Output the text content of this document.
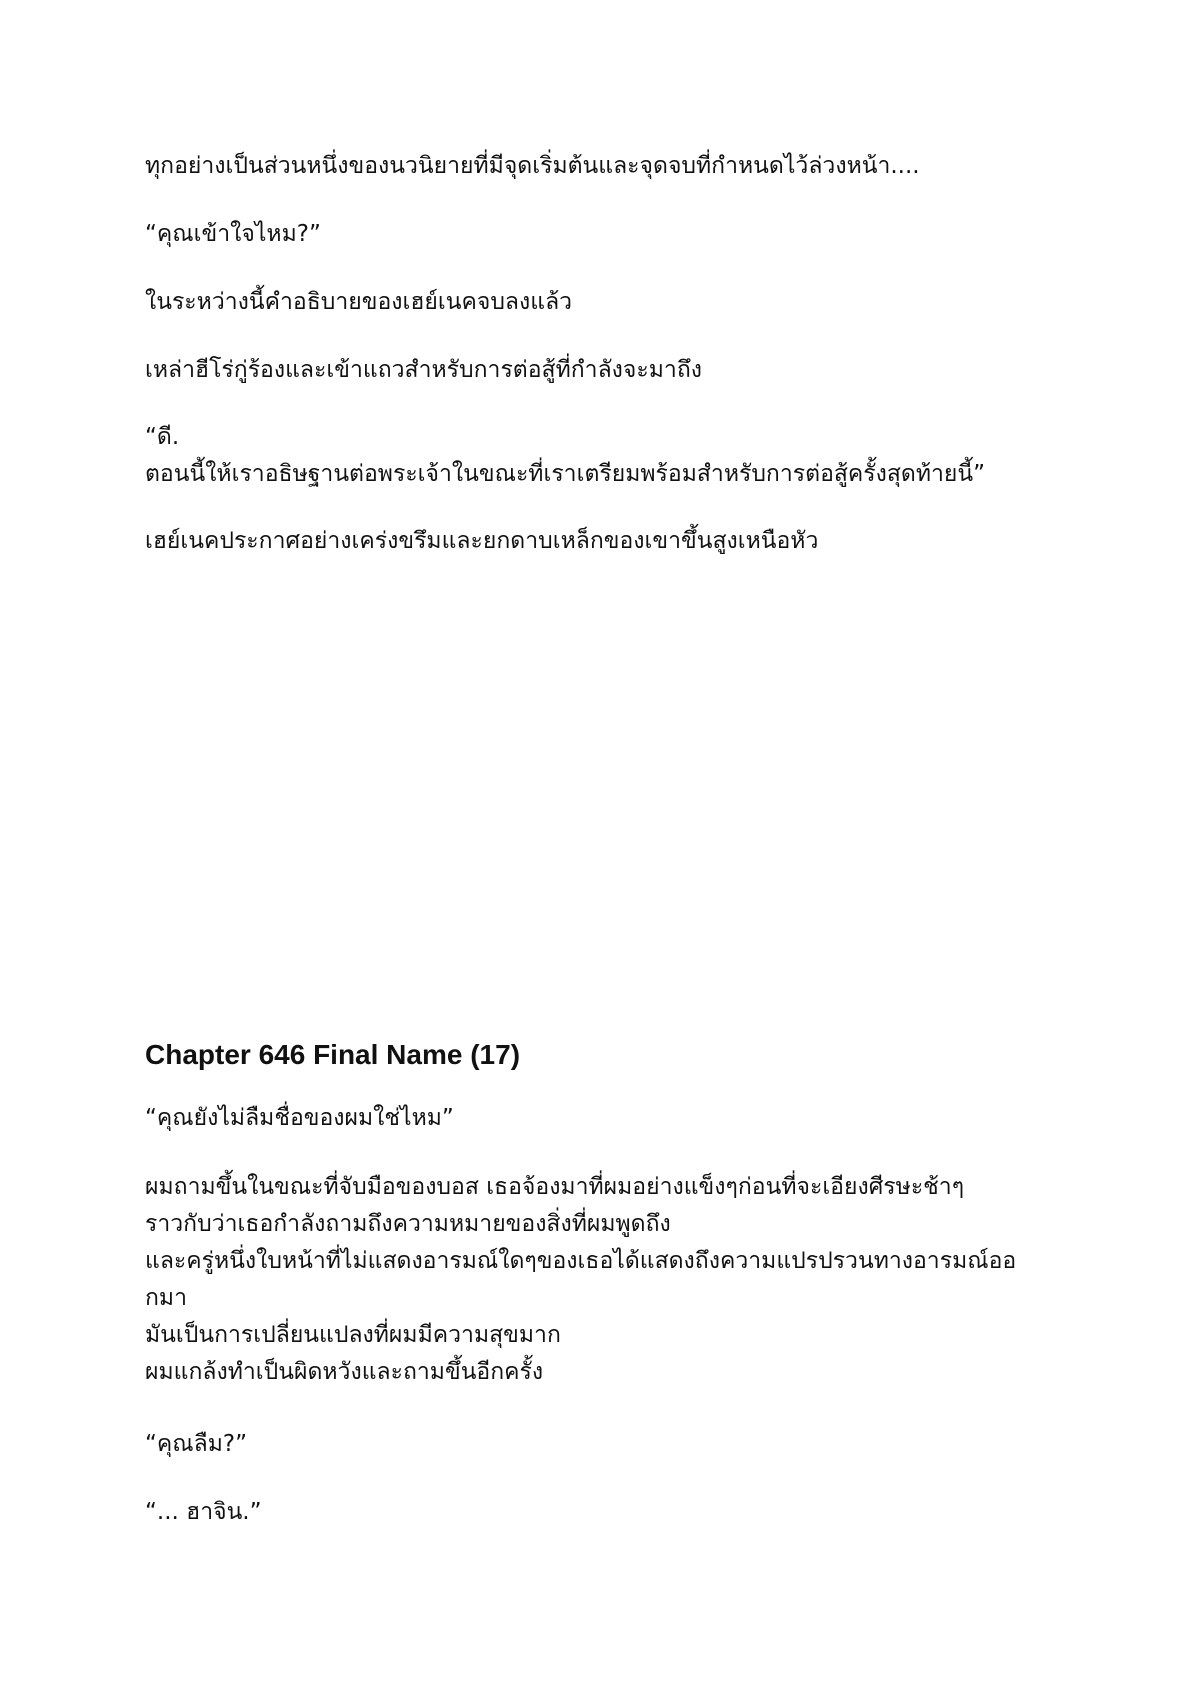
ทุกอย่างเป็นส่วนหนึ่งของนวนิยายที่มีจุดเริ่มต้นและจุดจบที่กำหนดไว้ล่วงหน้า....

“คุณเข้าใจไหม?”

ในระหว่างนี้คำอธิบายของเฮย์เนคจบลงแล้ว

เหล่าฮีโร่กู่ร้องและเข้าแถวสำหรับการต่อสู้ที่กำลังจะมาถึง

“ดี.
ตอนนี้ให้เราอธิษฐานต่อพระเจ้าในขณะที่เราเตรียมพร้อมสำหรับการต่อสู้ครั้งสุดท้ายนี้”

เฮย์เนคประกาศอย่างเคร่งขรึมและยกดาบเหล็กของเขาขึ้นสูงเหนือหัว

Chapter 646 Final Name (17)

“คุณยังไม่ลืมชื่อของผมใช่ไหม”

ผมถามขึ้นในขณะที่จับมือของบอส เธอจ้องมาที่ผมอย่างแข็งๆก่อนที่จะเอียงศีรษะช้าๆ
ราวกับว่าเธอกำลังถามถึงความหมายของสิ่งที่ผมพูดถึง
และครู่หนึ่งใบหน้าที่ไม่แสดงอารมณ์ใดๆของเธอได้แสดงถึงความแปรปรวนทางอารมณ์ออ
กมา
มันเป็นการเปลี่ยนแปลงที่ผมมีความสุขมาก
ผมแกล้งทำเป็นผิดหวังและถามขึ้นอีกครั้ง

“คุณลืม?”

“... ฮาจิน.”
